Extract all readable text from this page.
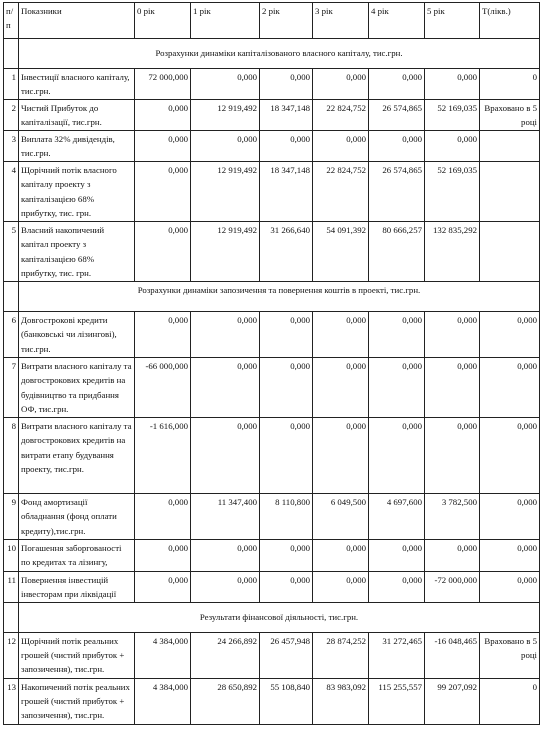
п/п	Показники	0 рік	1 рік	2 рік	3 рік	4 рік	5 рік	Т(лікв.)
	Розрахунки динаміки капіталізованого власного капіталу, тис.грн.							
1	Інвестиції власного капіталу, тис.грн.	72 000,000	0,000	0,000	0,000	0,000	0,000	0
2	Чистий Прибуток до капіталізації, тис.грн.	0,000	12 919,492	18 347,148	22 824,752	26 574,865	52 169,035	Враховано в 5 році
3	Виплата 32% дивідендів, тис.грн.	0,000	0,000	0,000	0,000	0,000	0,000	
4	Щорічний потік власного капіталу проекту з капіталізацією 68% прибутку, тис. грн.	0,000	12 919,492	18 347,148	22 824,752	26 574,865	52 169,035	
5	Власний накопичений капітал проекту з капіталізацією 68% прибутку, тис. грн.	0,000	12 919,492	31 266,640	54 091,392	80 666,257	132 835,292	
	Розрахунки динаміки запозичення та повернення коштів в проекті, тис.грн.							
6	Довгострокові кредити (банковські чи лізингові), тис.грн.	0,000	0,000	0,000	0,000	0,000	0,000	0,000
7	Витрати власного капіталу та довгострокових кредитів на будівництво та придбання ОФ, тис.грн.	-66 000,000	0,000	0,000	0,000	0,000	0,000	0,000
8	Витрати власного капіталу та довгострокових кредитів на витрати етапу будування проекту, тис.грн.	-1 616,000	0,000	0,000	0,000	0,000	0,000	0,000
9	Фонд амортизації обладнання (фонд оплати кредиту),тис.грн.	0,000	11 347,400	8 110,800	6 049,500	4 697,600	3 782,500	0,000
10	Погашення заборгованості по кредитах та лізингу,	0,000	0,000	0,000	0,000	0,000	0,000	0,000
11	Повернення інвестицій інвесторам при ліквідації	0,000	0,000	0,000	0,000	0,000	-72 000,000	0,000
	Результати фінансової діяльності, тис.грн.							
12	Щорічний потік реальних грошей (чистий прибуток + запозичення), тис.грн.	4 384,000	24 266,892	26 457,948	28 874,252	31 272,465	-16 048,465	Враховано в 5 році
13	Накопичений потік реальних грошей (чистий прибуток + запозичення), тис.грн.	4 384,000	28 650,892	55 108,840	83 983,092	115 255,557	99 207,092	0
